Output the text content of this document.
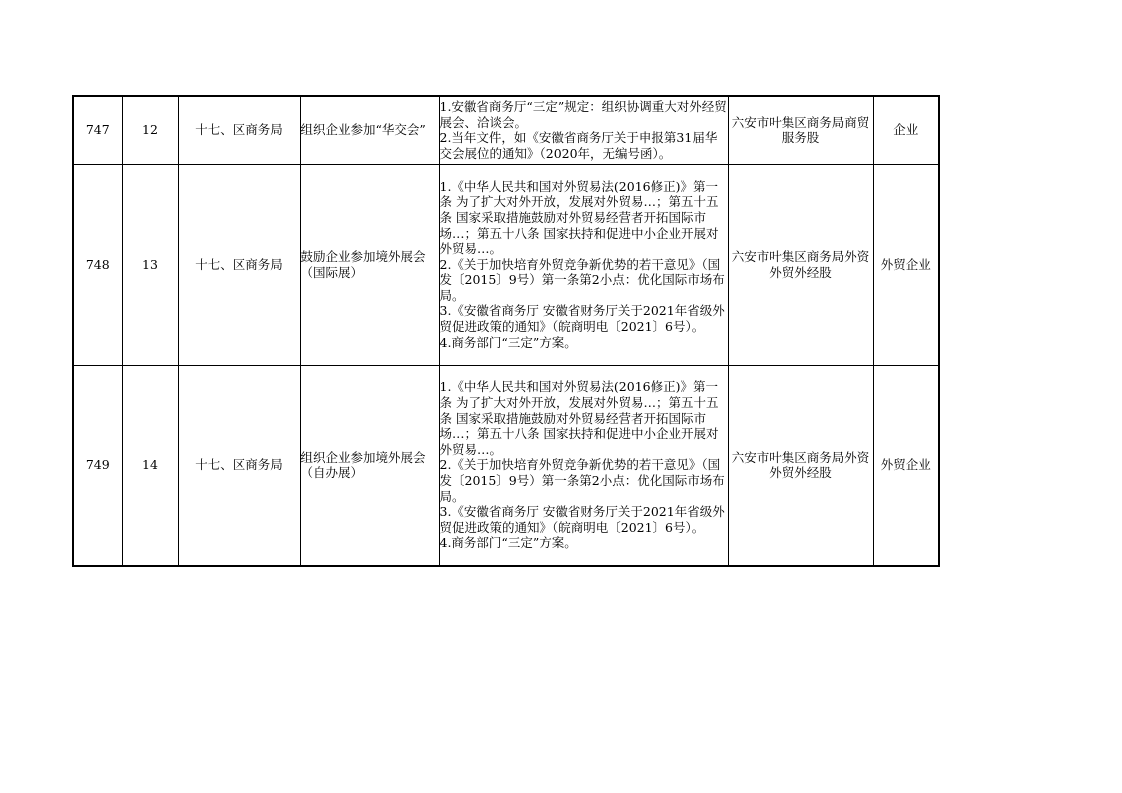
747	12	十七、区商务局	组织企业参加“华交会”	1.安徽省商务厅“三定”规定：组织协调重大对外经贸展会、洽谈会。
2.当年文件，如《安徽省商务厅关于申报第31届华交会展位的通知》（2020年，无编号函）。	六安市叶集区商务局商贸服务股	企业
748	13	十七、区商务局	鼓励企业参加境外展会（国际展）	1.《中华人民共和国对外贸易法(2016修正)》第一条 为了扩大对外开放，发展对外贸易…；第五十五条 国家采取措施鼓励对外贸易经营者开拓国际市场…；第五十八条 国家扶持和促进中小企业开展对外贸易…。
2.《关于加快培育外贸竞争新优势的若干意见》（国发〔2015〕9号）第一条第2小点：优化国际市场布局。
3.《安徽省商务厅 安徽省财务厅关于2021年省级外贸促进政策的通知》（皖商明电〔2021〕6号）。
4.商务部门“三定”方案。	六安市叶集区商务局外资外贸外经股	外贸企业
749	14	十七、区商务局	组织企业参加境外展会（自办展）	1.《中华人民共和国对外贸易法(2016修正)》第一条 为了扩大对外开放，发展对外贸易…；第五十五条 国家采取措施鼓励对外贸易经营者开拓国际市场…；第五十八条 国家扶持和促进中小企业开展对外贸易…。
2.《关于加快培育外贸竞争新优势的若干意见》（国发〔2015〕9号）第一条第2小点：优化国际市场布局。
3.《安徽省商务厅 安徽省财务厅关于2021年省级外贸促进政策的通知》（皖商明电〔2021〕6号）。
4.商务部门“三定”方案。	六安市叶集区商务局外资外贸外经股	外贸企业
